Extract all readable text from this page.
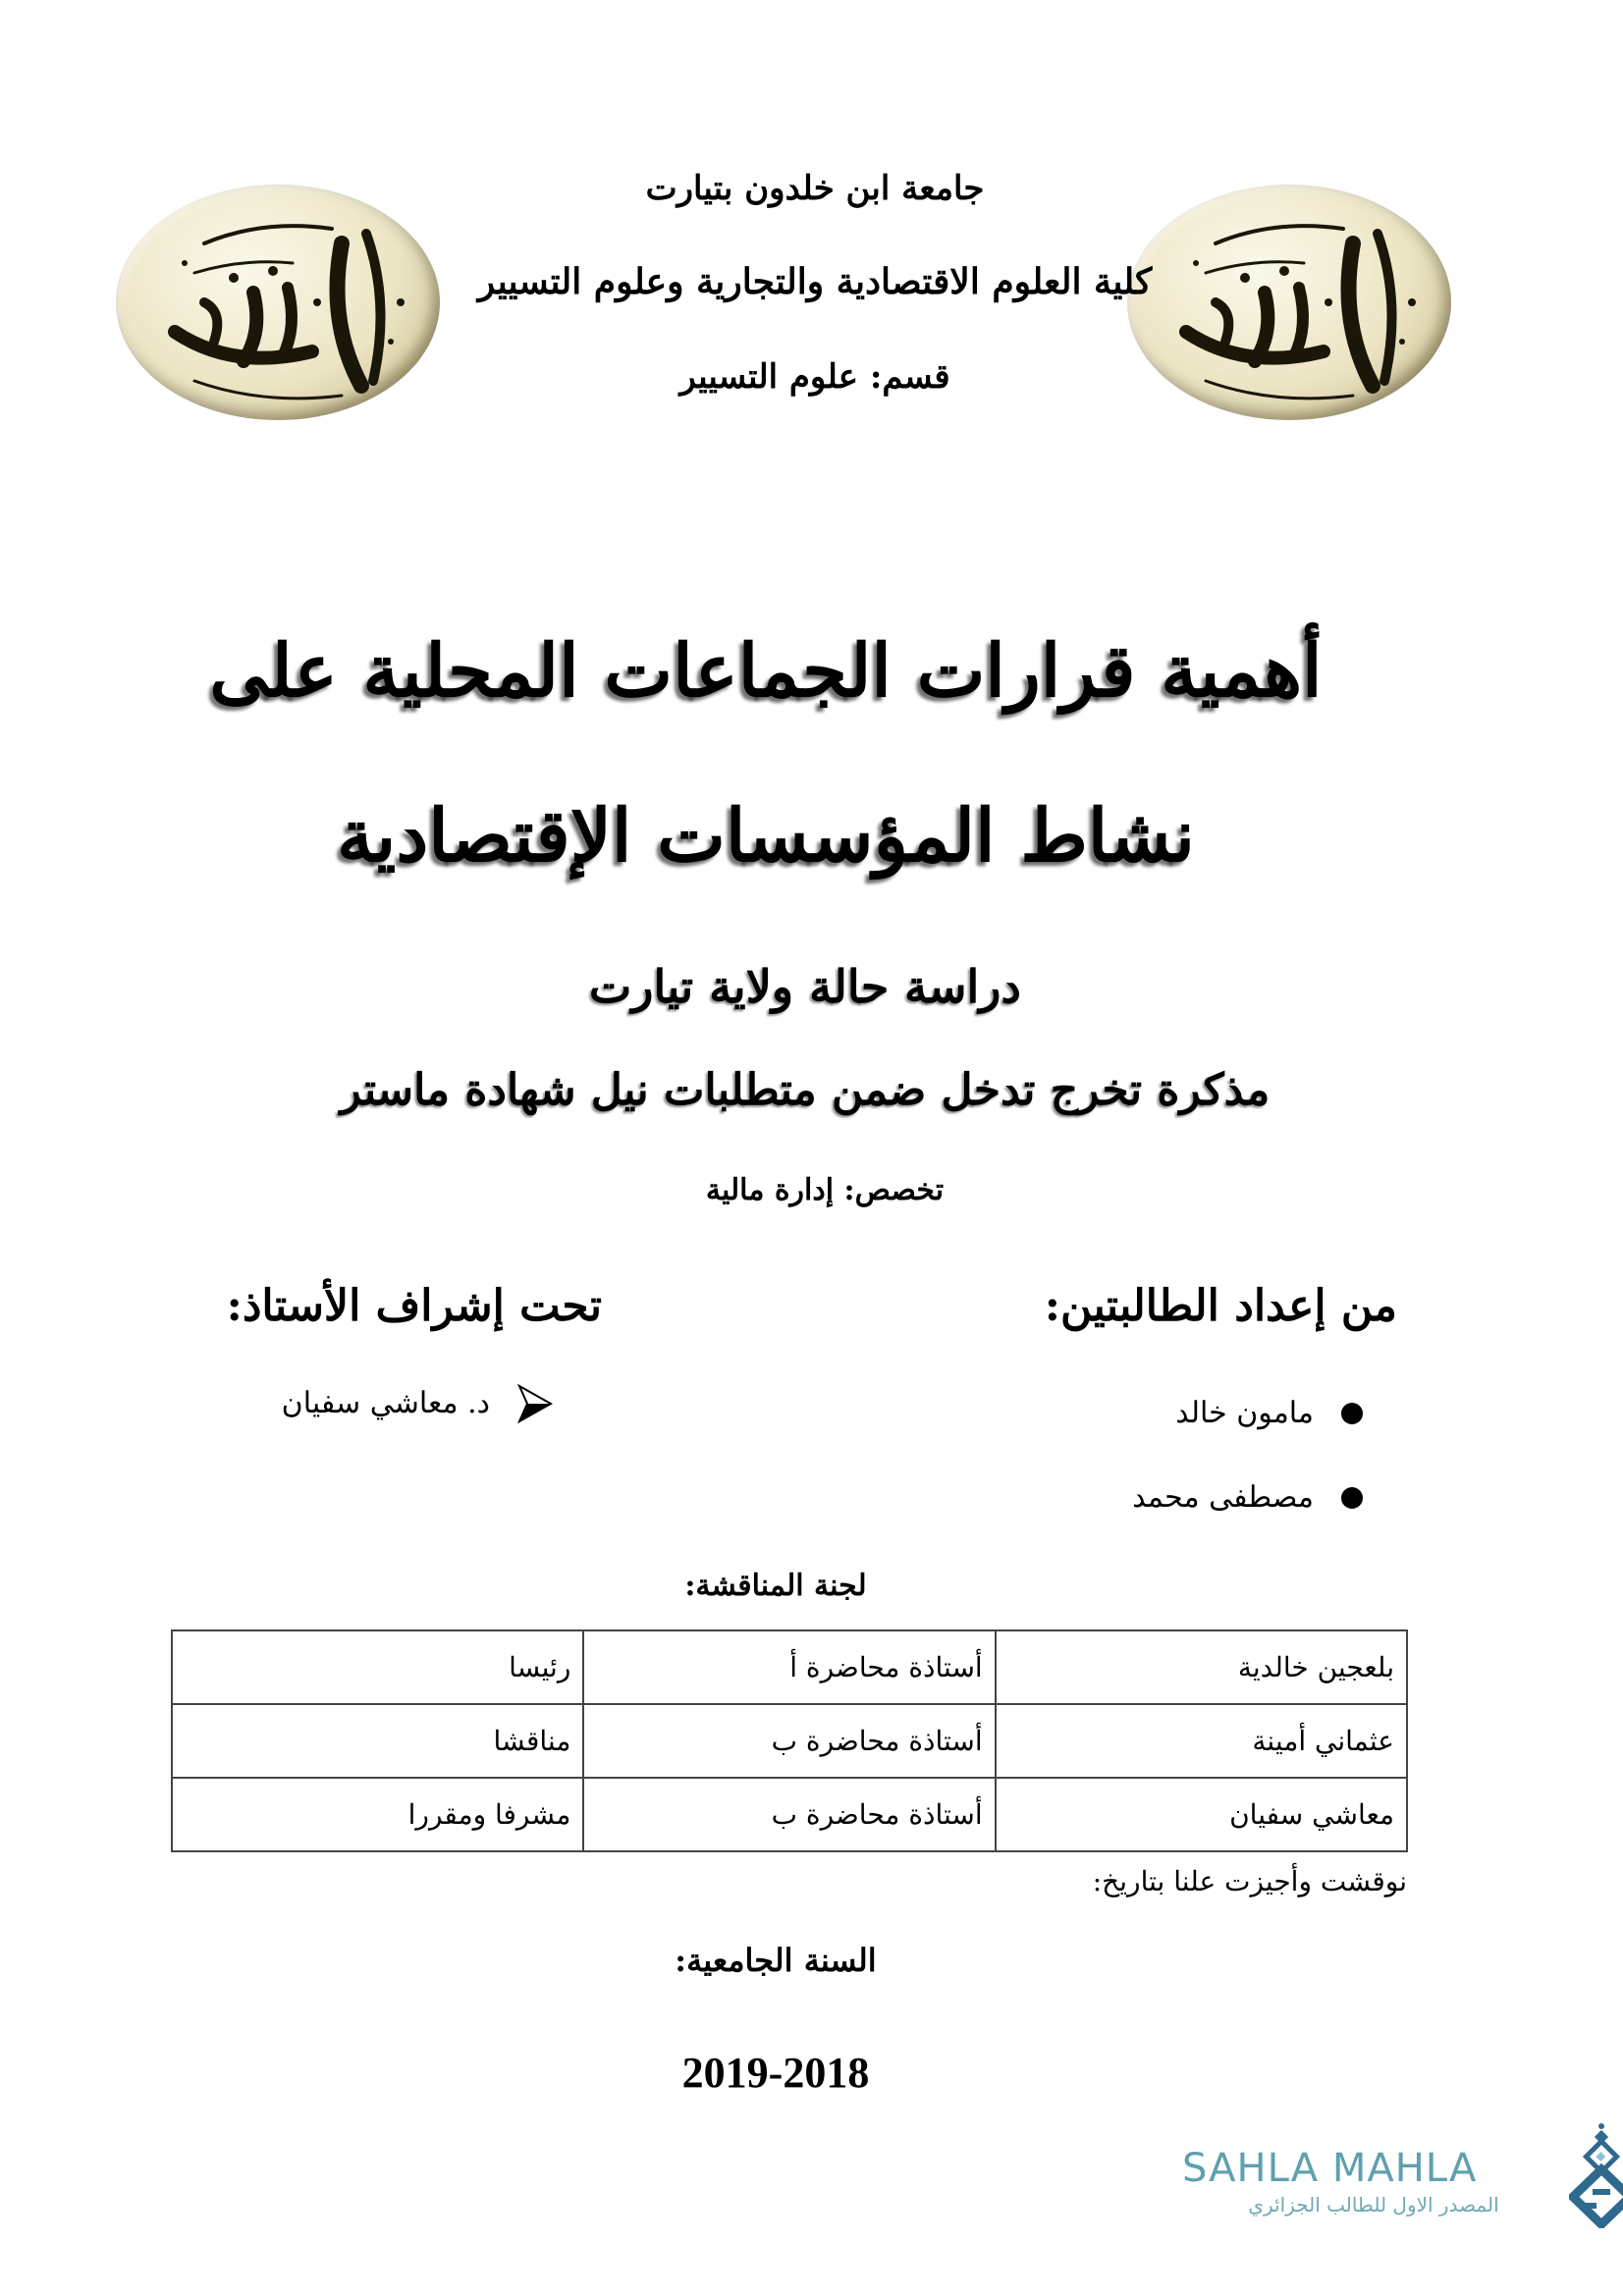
جامعة ابن خلدون بتيارت
كلية العلوم الاقتصادية والتجارية وعلوم التسيير
قسم: علوم التسيير
أهمية قرارات الجماعات المحلية على
نشاط المؤسسات الإقتصادية
دراسة حالة ولاية تيارت
مذكرة تخرج تدخل ضمن متطلبات نيل شهادة ماستر
تخصص: إدارة مالية
من إعداد الطالبتين:
مامون خالد
مصطفى محمد
تحت إشراف الأستاذ:
د. معاشي سفيان
لجنة المناقشة:
بلعجين خالدية	أستاذة محاضرة أ	رئيسا
عثماني أمينة	أستاذة محاضرة ب	مناقشا
معاشي سفيان	أستاذة محاضرة ب	مشرفا ومقررا
نوقشت وأجيزت علنا بتاريخ:
السنة الجامعية:
2019-2018
SAHLA MAHLA
المصدر الاول للطالب الجزائري
